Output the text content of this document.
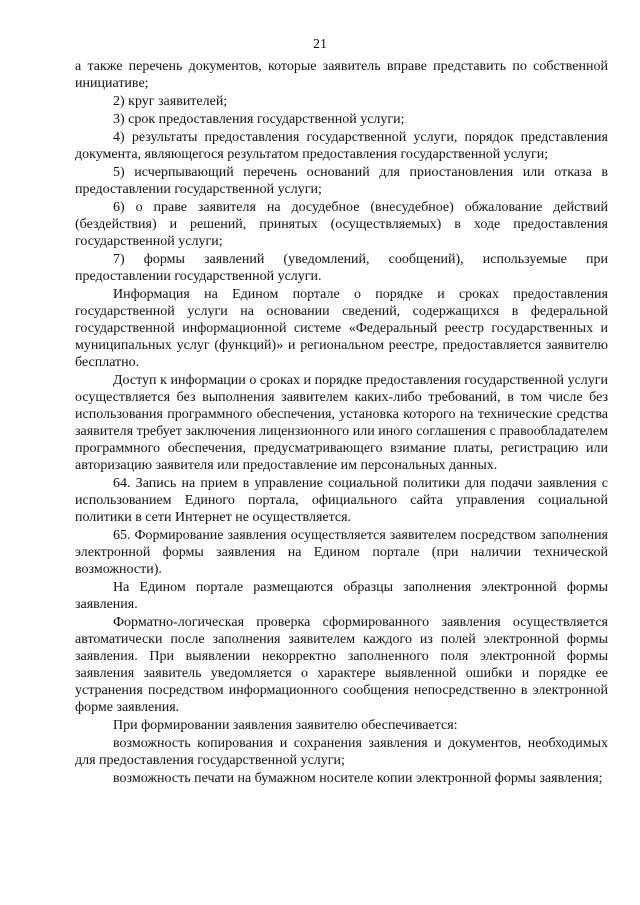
21

а также перечень документов, которые заявитель вправе представить по собственной инициативе;

2) круг заявителей;

3) срок предоставления государственной услуги;

4) результаты предоставления государственной услуги, порядок представления документа, являющегося результатом предоставления государственной услуги;

5) исчерпывающий перечень оснований для приостановления или отказа в предоставлении государственной услуги;

6) о праве заявителя на досудебное (внесудебное) обжалование действий (бездействия) и решений, принятых (осуществляемых) в ходе предоставления государственной услуги;

7) формы заявлений (уведомлений, сообщений), используемые при предоставлении государственной услуги.

Информация на Едином портале о порядке и сроках предоставления государственной услуги на основании сведений, содержащихся в федеральной государственной информационной системе «Федеральный реестр государственных и муниципальных услуг (функций)» и региональном реестре, предоставляется заявителю бесплатно.

Доступ к информации о сроках и порядке предоставления государственной услуги осуществляется без выполнения заявителем каких-либо требований, в том числе без использования программного обеспечения, установка которого на технические средства заявителя требует заключения лицензионного или иного соглашения с правообладателем программного обеспечения, предусматривающего взимание платы, регистрацию или авторизацию заявителя или предоставление им персональных данных.

64. Запись на прием в управление социальной политики для подачи заявления с использованием Единого портала, официального сайта управления социальной политики в сети Интернет не осуществляется.

65. Формирование заявления осуществляется заявителем посредством заполнения электронной формы заявления на Едином портале (при наличии технической возможности).

На Едином портале размещаются образцы заполнения электронной формы заявления.

Форматно-логическая проверка сформированного заявления осуществляется автоматически после заполнения заявителем каждого из полей электронной формы заявления. При выявлении некорректно заполненного поля электронной формы заявления заявитель уведомляется о характере выявленной ошибки и порядке ее устранения посредством информационного сообщения непосредственно в электронной форме заявления.

При формировании заявления заявителю обеспечивается:

возможность копирования и сохранения заявления и документов, необходимых для предоставления государственной услуги;

возможность печати на бумажном носителе копии электронной формы заявления;
